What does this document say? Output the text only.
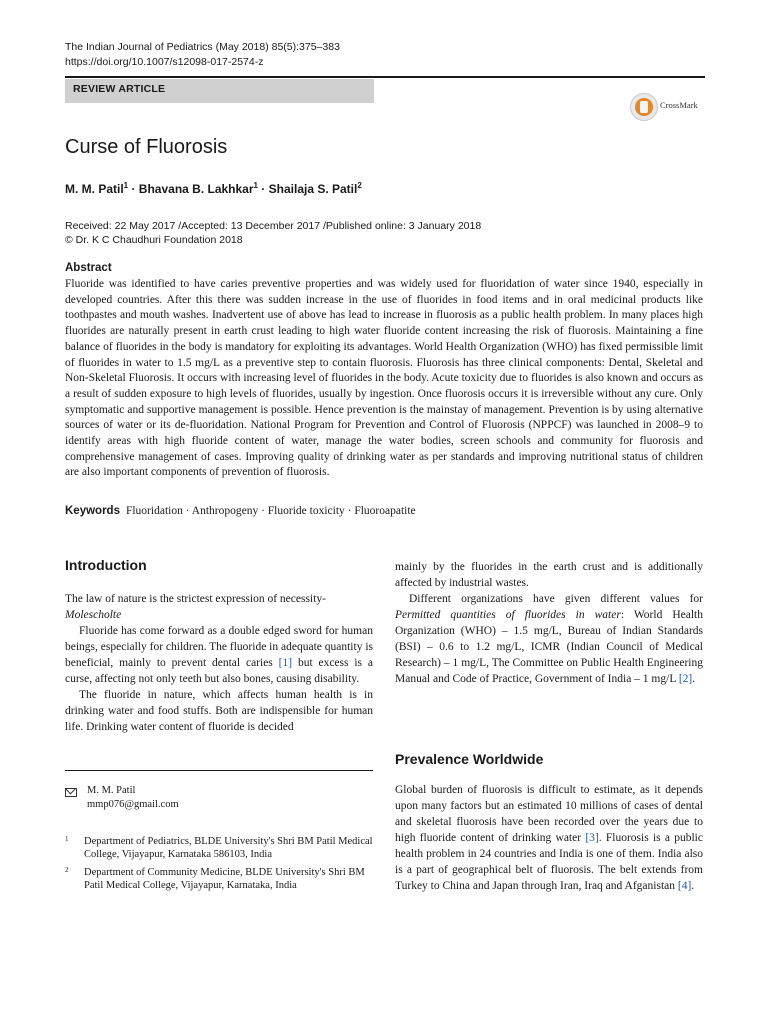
The Indian Journal of Pediatrics (May 2018) 85(5):375–383
https://doi.org/10.1007/s12098-017-2574-z
REVIEW ARTICLE
CrossMark
Curse of Fluorosis
M. M. Patil$^1$ · Bhavana B. Lakhkar$^1$ · Shailaja S. Patil$^2$
Received: 22 May 2017 /Accepted: 13 December 2017 /Published online: 3 January 2018
© Dr. K C Chaudhuri Foundation 2018
Abstract
Fluoride was identified to have caries preventive properties and was widely used for fluoridation of water since 1940, especially in developed countries. After this there was sudden increase in the use of fluorides in food items and in oral medicinal products like toothpastes and mouth washes. Inadvertent use of above has lead to increase in fluorosis as a public health problem. In many places high fluorides are naturally present in earth crust leading to high water fluoride content increasing the risk of fluorosis. Maintaining a fine balance of fluorides in the body is mandatory for exploiting its advantages. World Health Organization (WHO) has fixed permissible limit of fluorides in water to 1.5 mg/L as a preventive step to contain fluorosis. Fluorosis has three clinical components: Dental, Skeletal and Non-Skeletal Fluorosis. It occurs with increasing level of fluorides in the body. Acute toxicity due to fluorides is also known and occurs as a result of sudden exposure to high levels of fluorides, usually by ingestion. Once fluorosis occurs it is irreversible without any cure. Only symptomatic and supportive management is possible. Hence prevention is the mainstay of management. Prevention is by using alternative sources of water or its de-fluoridation. National Program for Prevention and Control of Fluorosis (NPPCF) was launched in 2008–9 to identify areas with high fluoride content of water, manage the water bodies, screen schools and community for fluorosis and comprehensive management of cases. Improving quality of drinking water as per standards and improving nutritional status of children are also important components of prevention of fluorosis.
Keywords Fluoridation · Anthropogeny · Fluoride toxicity · Fluoroapatite
Introduction

The law of nature is the strictest expression of necessity-
Molescholte

Fluoride has come forward as a double edged sword for human beings, especially for children. The fluoride in adequate quantity is beneficial, mainly to prevent dental caries [1] but excess is a curse, affecting not only teeth but also bones, causing disability.

The fluoride in nature, which affects human health is in drinking water and food stuffs. Both are indispensible for human life. Drinking water content of fluoride is decided

mainly by the fluorides in the earth crust and is additionally affected by industrial wastes.

Different organizations have given different values for Permitted quantities of fluorides in water: World Health Organization (WHO) – 1.5 mg/L, Bureau of Indian Standards (BSI) – 0.6 to 1.2 mg/L, ICMR (Indian Council of Medical Research) – 1 mg/L, The Committee on Public Health Engineering Manual and Code of Practice, Government of India – 1 mg/L [2].

Prevalence Worldwide

Global burden of fluorosis is difficult to estimate, as it depends upon many factors but an estimated 10 millions of cases of dental and skeletal fluorosis have been recorded over the years due to high fluoride content of drinking water [3]. Fluorosis is a public health problem in 24 countries and India is one of them. India also is a part of geographical belt of fluorosis. The belt extends from Turkey to China and Japan through Iran, Iraq and Afganistan [4].

M. M. Patil
mmp076@gmail.com
1 Department of Pediatrics, BLDE University's Shri BM Patil Medical College, Vijayapur, Karnataka 586103, India
2 Department of Community Medicine, BLDE University's Shri BM Patil Medical College, Vijayapur, Karnataka, India
